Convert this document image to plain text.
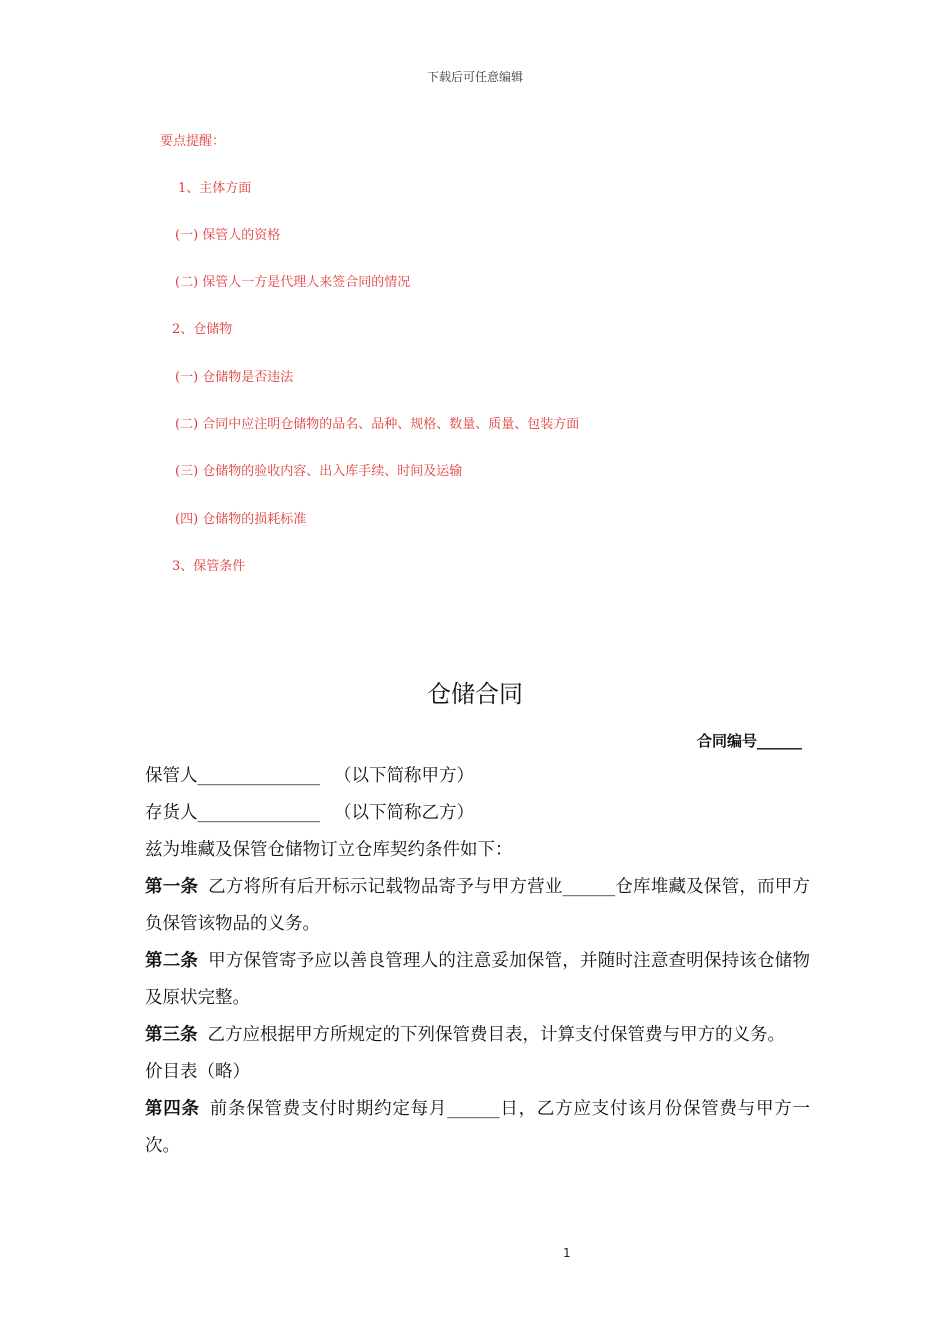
下载后可任意编辑
要点提醒：
1、主体方面
(一) 保管人的资格
(二) 保管人一方是代理人来签合同的情况
2、仓储物
(一) 仓储物是否违法
(二) 合同中应注明仓储物的品名、品种、规格、数量、质量、包装方面
(三) 仓储物的验收内容、出入库手续、时间及运输
(四) 仓储物的损耗标准
3、保管条件
仓储合同
合同编号______
保管人______________ （以下简称甲方）
存货人______________ （以下简称乙方）
兹为堆藏及保管仓储物订立仓库契约条件如下：
第一条 乙方将所有后开标示记载物品寄予与甲方营业______仓库堆藏及保管，而甲方负保管该物品的义务。
第二条 甲方保管寄予应以善良管理人的注意妥加保管，并随时注意查明保持该仓储物及原状完整。
第三条 乙方应根据甲方所规定的下列保管费目表，计算支付保管费与甲方的义务。
价目表（略）
第四条 前条保管费支付时期约定每月______日，乙方应支付该月份保管费与甲方一次。
1
